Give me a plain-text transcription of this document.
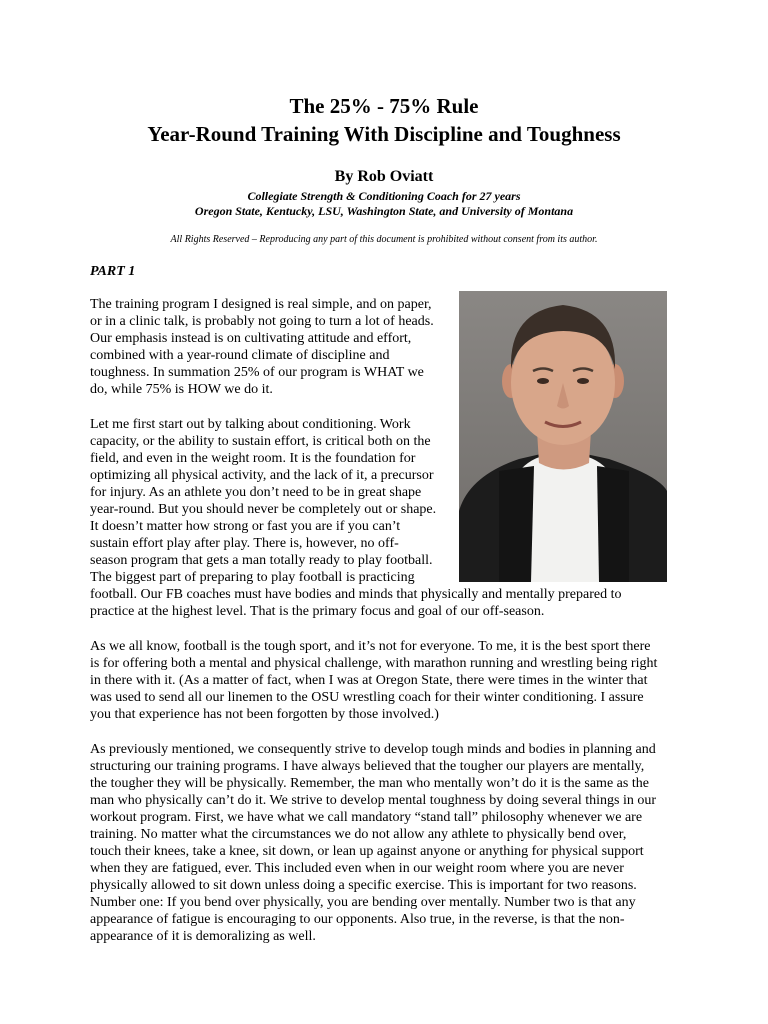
The 25% - 75% Rule
Year-Round Training With Discipline and Toughness
By Rob Oviatt
Collegiate Strength & Conditioning Coach for 27 years
Oregon State, Kentucky, LSU, Washington State, and University of Montana
All Rights Reserved – Reproducing any part of this document is prohibited without consent from its author.
PART 1
The training program I designed is real simple, and on paper,
or in a clinic talk, is probably not going to turn a lot of heads.
Our emphasis instead is on cultivating attitude and effort,
combined with a year-round climate of discipline and
toughness. In summation 25% of our program is WHAT we
do, while 75% is HOW we do it.
Let me first start out by talking about conditioning. Work
capacity, or the ability to sustain effort, is critical both on the
field, and even in the weight room. It is the foundation for
optimizing all physical activity, and the lack of it, a precursor
for injury. As an athlete you don’t need to be in great shape
year-round. But you should never be completely out or shape.
It doesn’t matter how strong or fast you are if you can’t
sustain effort play after play. There is, however, no off-
season program that gets a man totally ready to play football.
The biggest part of preparing to play football is practicing
football. Our FB coaches must have bodies and minds that physically and mentally prepared to
practice at the highest level. That is the primary focus and goal of our off-season.
As we all know, football is the tough sport, and it’s not for everyone. To me, it is the best sport there
is for offering both a mental and physical challenge, with marathon running and wrestling being right
in there with it. (As a matter of fact, when I was at Oregon State, there were times in the winter that
was used to send all our linemen to the OSU wrestling coach for their winter conditioning. I assure
you that experience has not been forgotten by those involved.)
As previously mentioned, we consequently strive to develop tough minds and bodies in planning and
structuring our training programs. I have always believed that the tougher our players are mentally,
the tougher they will be physically. Remember, the man who mentally won’t do it is the same as the
man who physically can’t do it. We strive to develop mental toughness by doing several things in our
workout program. First, we have what we call mandatory “stand tall” philosophy whenever we are
training. No matter what the circumstances we do not allow any athlete to physically bend over,
touch their knees, take a knee, sit down, or lean up against anyone or anything for physical support
when they are fatigued, ever. This included even when in our weight room where you are never
physically allowed to sit down unless doing a specific exercise. This is important for two reasons.
Number one: If you bend over physically, you are bending over mentally. Number two is that any
appearance of fatigue is encouraging to our opponents. Also true, in the reverse, is that the non-
appearance of it is demoralizing as well.
